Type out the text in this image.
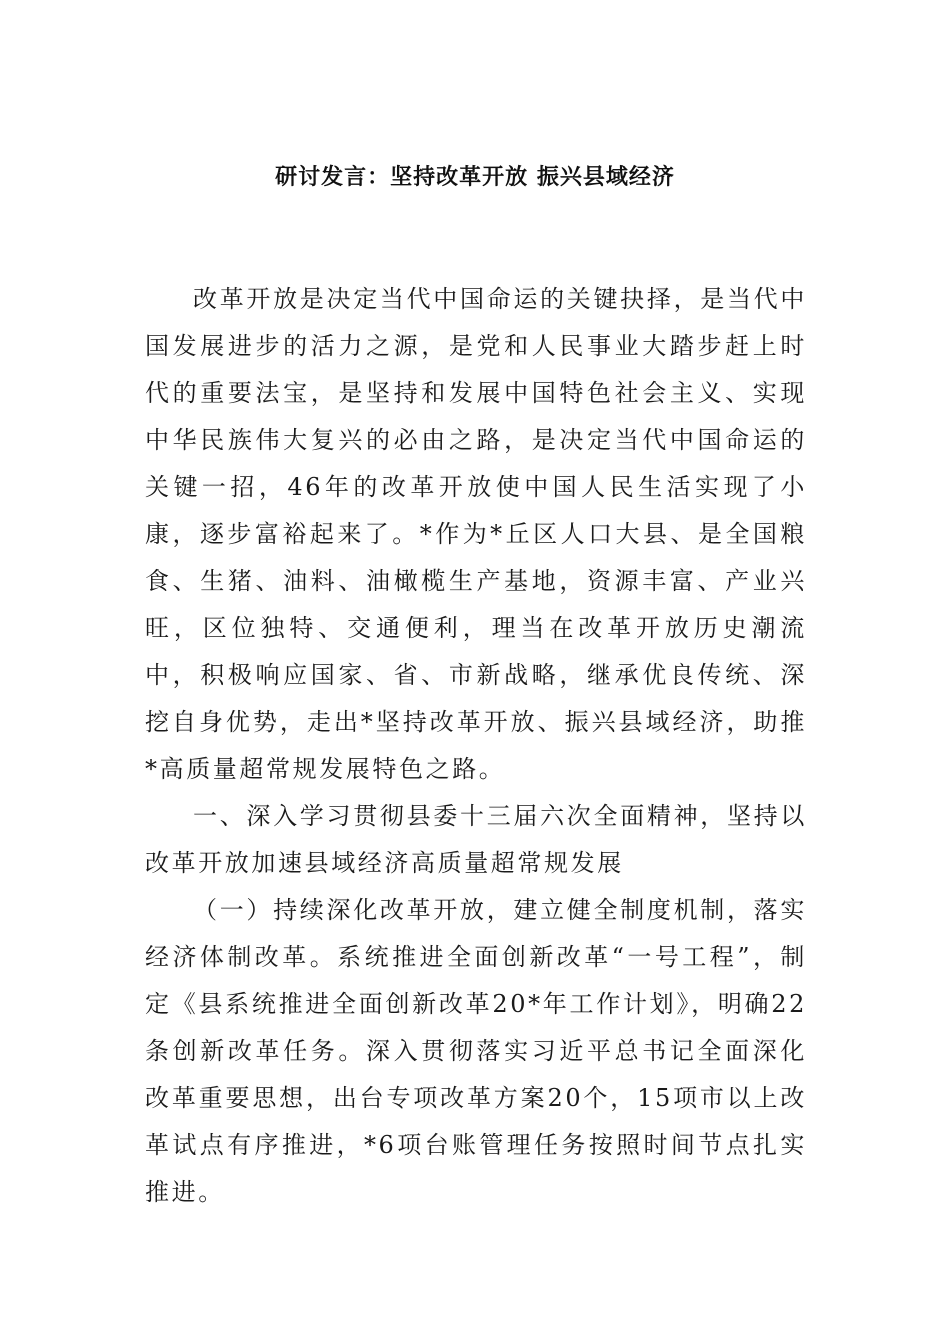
研讨发言：坚持改革开放 振兴县域经济

改革开放是决定当代中国命运的关键抉择，是当代中国发展进步的活力之源，是党和人民事业大踏步赶上时代的重要法宝，是坚持和发展中国特色社会主义、实现中华民族伟大复兴的必由之路，是决定当代中国命运的关键一招，46年的改革开放使中国人民生活实现了小康，逐步富裕起来了。*作为*丘区人口大县、是全国粮食、生猪、油料、油橄榄生产基地，资源丰富、产业兴旺，区位独特、交通便利，理当在改革开放历史潮流中，积极响应国家、省、市新战略，继承优良传统、深挖自身优势，走出*坚持改革开放、振兴县域经济，助推*高质量超常规发展特色之路。

一、深入学习贯彻县委十三届六次全面精神，坚持以改革开放加速县域经济高质量超常规发展

（一）持续深化改革开放，建立健全制度机制，落实经济体制改革。系统推进全面创新改革“一号工程”，制定《县系统推进全面创新改革20*年工作计划》，明确22条创新改革任务。深入贯彻落实习近平总书记全面深化改革重要思想，出台专项改革方案20个，15项市以上改革试点有序推进，*6项台账管理任务按照时间节点扎实推进。
